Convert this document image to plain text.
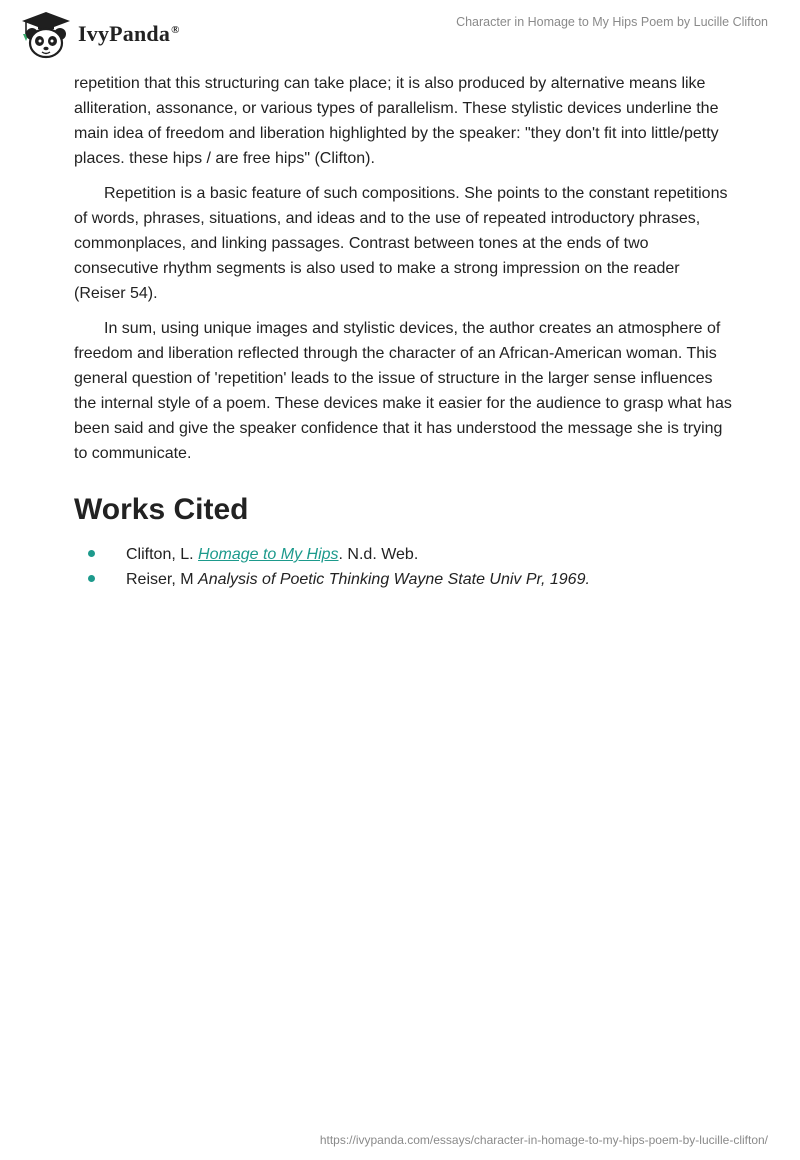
IvyPanda®
Character in Homage to My Hips Poem by Lucille Clifton

repetition that this structuring can take place; it is also produced by alternative means like alliteration, assonance, or various types of parallelism. These stylistic devices underline the main idea of freedom and liberation highlighted by the speaker: "they don't fit into little/petty places. these hips / are free hips" (Clifton).

Repetition is a basic feature of such compositions. She points to the constant repetitions of words, phrases, situations, and ideas and to the use of repeated introductory phrases, commonplaces, and linking passages. Contrast between tones at the ends of two consecutive rhythm segments is also used to make a strong impression on the reader (Reiser 54).

In sum, using unique images and stylistic devices, the author creates an atmosphere of freedom and liberation reflected through the character of an African-American woman. This general question of 'repetition' leads to the issue of structure in the larger sense influences the internal style of a poem. These devices make it easier for the audience to grasp what has been said and give the speaker confidence that it has understood the message she is trying to communicate.

Works Cited
Clifton, L. Homage to My Hips. N.d. Web.
Reiser, M Analysis of Poetic Thinking Wayne State Univ Pr, 1969.
https://ivypanda.com/essays/character-in-homage-to-my-hips-poem-by-lucille-clifton/
